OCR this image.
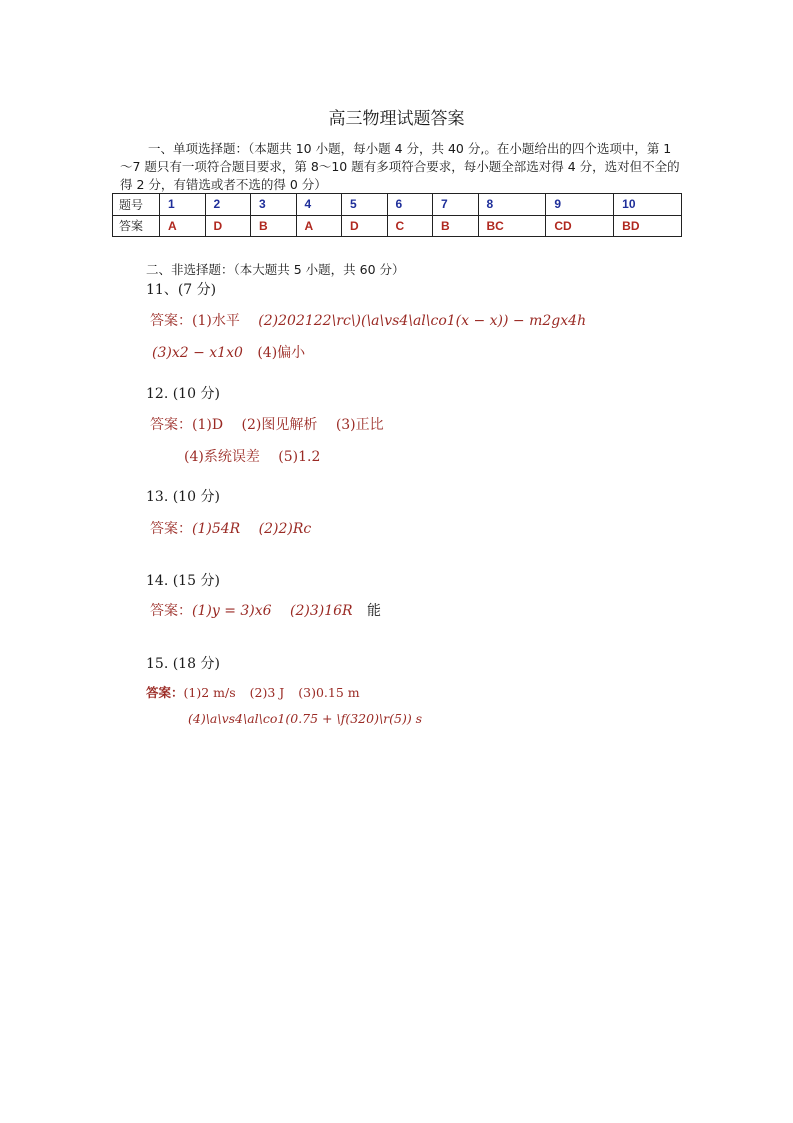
高三物理试题答案
一、单项选择题：（本题共 10 小题，每小题 4 分，共 40 分,。在小题给出的四个选项中，第 1～7 题只有一项符合题目要求，第 8～10 题有多项符合要求，每小题全部选对得 4 分，选对但不全的得 2 分，有错选或者不选的得 0 分）
题号	1	2	3	4	5	6	7	8	9	10
答案	A	D	B	A	D	C	B	BC	CD	BD
二、非选择题：（本大题共 5 小题，共 60 分）
11、(7 分)
答案：(1)水平 (2)202122\rc\)(\a\vs4\al\co1(x − x)) − m2gx4h
(3)x2 − x1x0 (4)偏小
12. (10 分)
答案：(1)D (2)图见解析 (3)正比
(4)系统误差 (5)1.2
13. (10 分)
答案：(1)54R (2)2)Rc
14. (15 分)
答案：(1)y = 3)x6 (2)3)16R 能
15. (18 分)
答案：(1)2 m/s (2)3 J (3)0.15 m
(4)\a\vs4\al\co1(0.75 + \f(320)\r(5)) s
